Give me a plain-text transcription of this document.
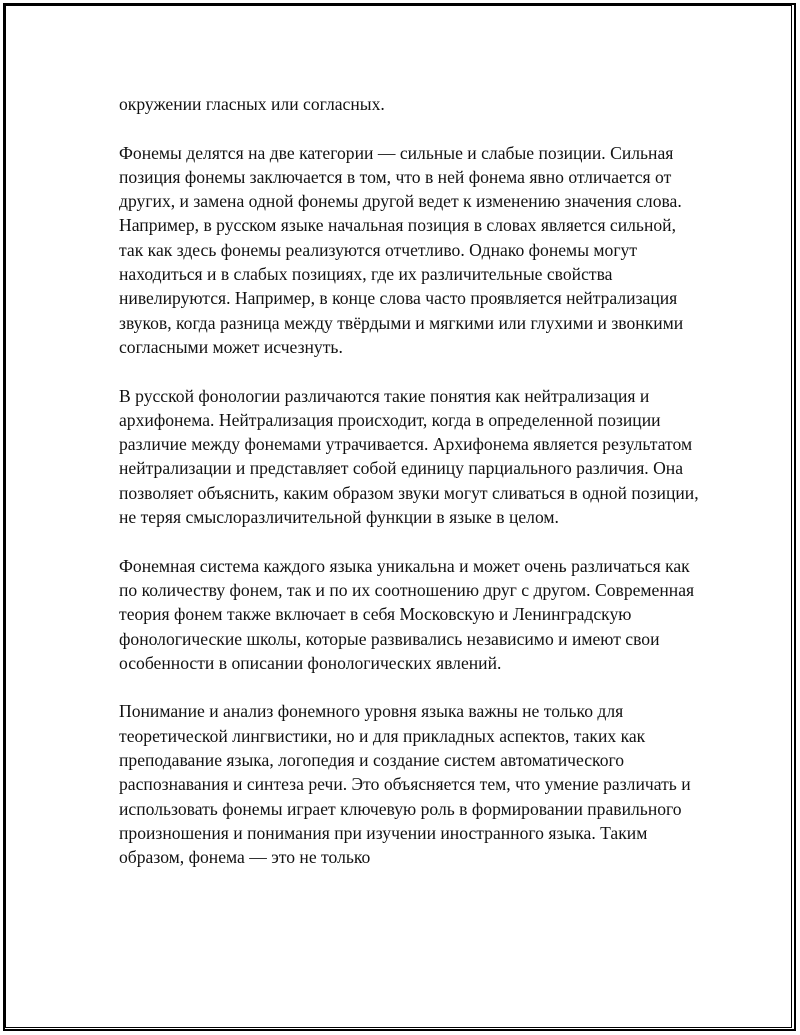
окружении гласных или согласных.

Фонемы делятся на две категории — сильные и слабые позиции. Сильная позиция фонемы заключается в том, что в ней фонема явно отличается от других, и замена одной фонемы другой ведет к изменению значения слова. Например, в русском языке начальная позиция в словах является сильной, так как здесь фонемы реализуются отчетливо. Однако фонемы могут находиться и в слабых позициях, где их различительные свойства нивелируются. Например, в конце слова часто проявляется нейтрализация звуков, когда разница между твёрдыми и мягкими или глухими и звонкими согласными может исчезнуть.

В русской фонологии различаются такие понятия как нейтрализация и архифонема. Нейтрализация происходит, когда в определенной позиции различие между фонемами утрачивается. Архифонема является результатом нейтрализации и представляет собой единицу парциального различия. Она позволяет объяснить, каким образом звуки могут сливаться в одной позиции, не теряя смыслоразличительной функции в языке в целом.

Фонемная система каждого языка уникальна и может очень различаться как по количеству фонем, так и по их соотношению друг с другом. Современная теория фонем также включает в себя Московскую и Ленинградскую фонологические школы, которые развивались независимо и имеют свои особенности в описании фонологических явлений.

Понимание и анализ фонемного уровня языка важны не только для теоретической лингвистики, но и для прикладных аспектов, таких как преподавание языка, логопедия и создание систем автоматического распознавания и синтеза речи. Это объясняется тем, что умение различать и использовать фонемы играет ключевую роль в формировании правильного произношения и понимания при изучении иностранного языка. Таким образом, фонема — это не только
